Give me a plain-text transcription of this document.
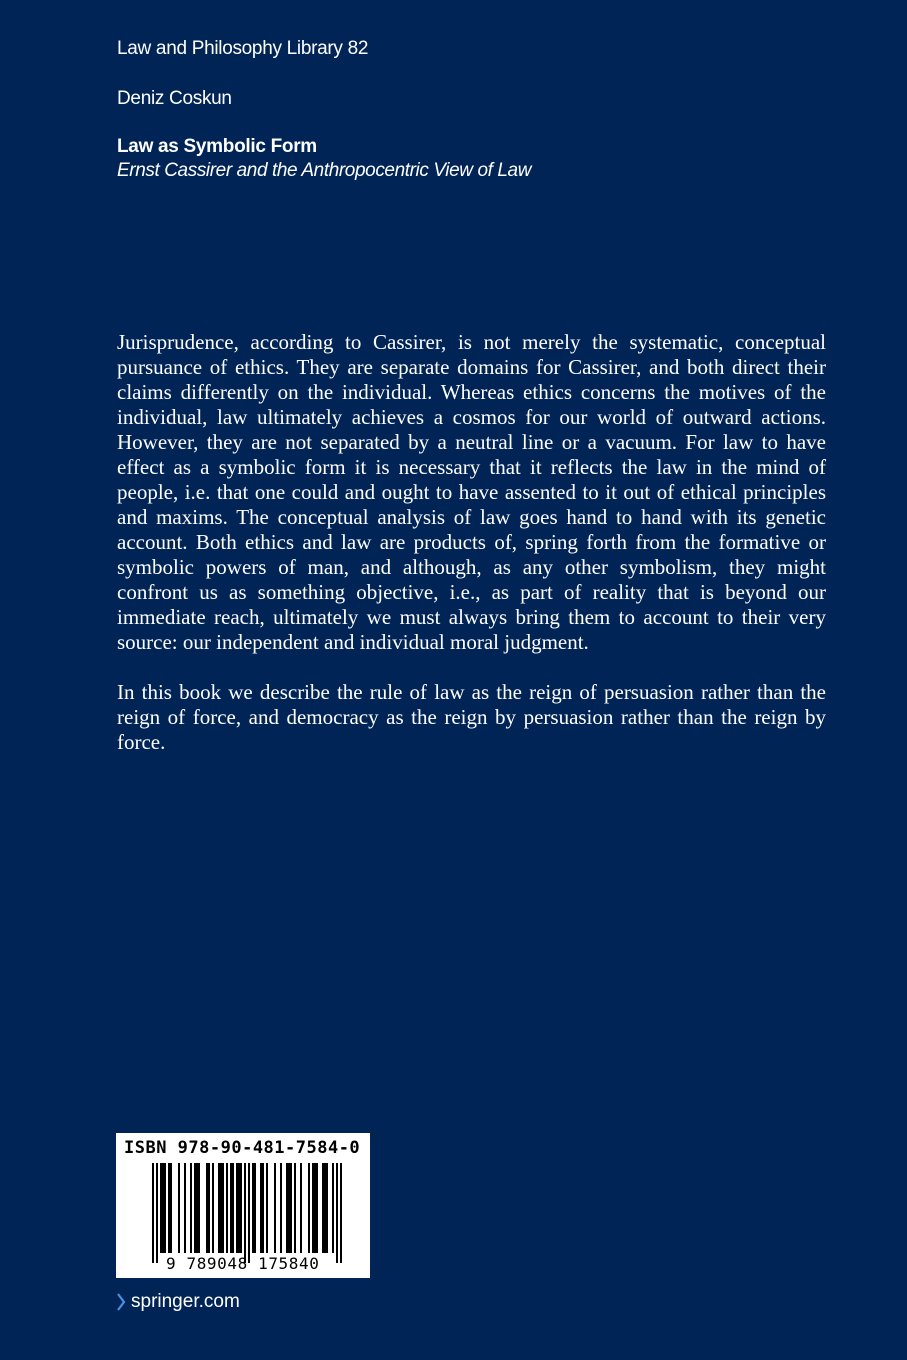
Law and Philosophy Library 82
Deniz Coskun
Law as Symbolic Form
Ernst Cassirer and the Anthropocentric View of Law

Jurisprudence, according to Cassirer, is not merely the systematic, conceptual pursuance of ethics. They are separate domains for Cassirer, and both direct their claims differently on the individual. Whereas ethics concerns the motives of the individual, law ultimately achieves a cosmos for our world of outward actions. However, they are not separated by a neutral line or a vacuum. For law to have effect as a symbolic form it is necessary that it reflects the law in the mind of people, i.e. that one could and ought to have assented to it out of ethical principles and maxims. The conceptual analysis of law goes hand to hand with its genetic account. Both ethics and law are products of, spring forth from the formative or symbolic powers of man, and although, as any other symbolism, they might confront us as something objective, i.e., as part of reality that is beyond our immediate reach, ultimately we must always bring them to account to their very source: our independent and individual moral judgment.

In this book we describe the rule of law as the reign of persuasion rather than the reign of force, and democracy as the reign by persuasion rather than the reign by force.

ISBN 978-90-481-7584-0
9 789048 175840
springer.com
